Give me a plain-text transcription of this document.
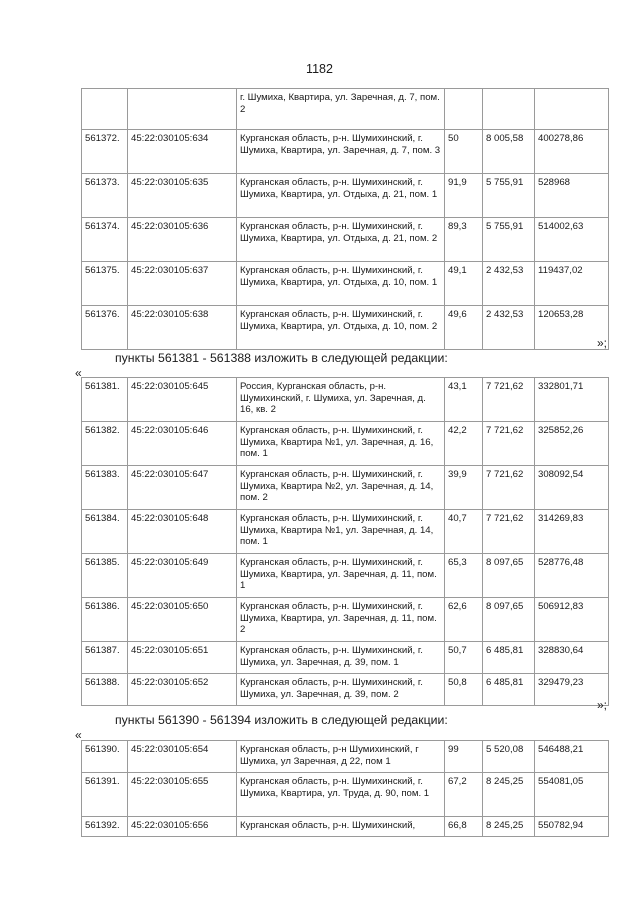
1182
		г. Шумиха, Квартира, ул. Заречная, д. 7, пом. 2			
561372.	45:22:030105:634	Курганская область, р-н. Шумихинский, г. Шумиха, Квартира, ул. Заречная, д. 7, пом. 3	50	8 005,58	400278,86
561373.	45:22:030105:635	Курганская область, р-н. Шумихинский, г. Шумиха, Квартира, ул. Отдыха, д. 21, пом. 1	91,9	5 755,91	528968
561374.	45:22:030105:636	Курганская область, р-н. Шумихинский, г. Шумиха, Квартира, ул. Отдыха, д. 21, пом. 2	89,3	5 755,91	514002,63
561375.	45:22:030105:637	Курганская область, р-н. Шумихинский, г. Шумиха, Квартира, ул. Отдыха, д. 10, пом. 1	49,1	2 432,53	119437,02
561376.	45:22:030105:638	Курганская область, р-н. Шумихинский, г. Шумиха, Квартира, ул. Отдыха, д. 10, пом. 2	49,6	2 432,53	120653,28
»;
пункты 561381 - 561388 изложить в следующей редакции:
«
561381.	45:22:030105:645	Россия, Курганская область, р-н. Шумихинский, г. Шумиха, ул. Заречная, д. 16, кв. 2	43,1	7 721,62	332801,71
561382.	45:22:030105:646	Курганская область, р-н. Шумихинский, г. Шумиха, Квартира №1, ул. Заречная, д. 16, пом. 1	42,2	7 721,62	325852,26
561383.	45:22:030105:647	Курганская область, р-н. Шумихинский, г. Шумиха, Квартира №2, ул. Заречная, д. 14, пом. 2	39,9	7 721,62	308092,54
561384.	45:22:030105:648	Курганская область, р-н. Шумихинский, г. Шумиха, Квартира №1, ул. Заречная, д. 14, пом. 1	40,7	7 721,62	314269,83
561385.	45:22:030105:649	Курганская область, р-н. Шумихинский, г. Шумиха, Квартира, ул. Заречная, д. 11, пом. 1	65,3	8 097,65	528776,48
561386.	45:22:030105:650	Курганская область, р-н. Шумихинский, г. Шумиха, Квартира, ул. Заречная, д. 11, пом. 2	62,6	8 097,65	506912,83
561387.	45:22:030105:651	Курганская область, р-н. Шумихинский, г. Шумиха, ул. Заречная, д. 39, пом. 1	50,7	6 485,81	328830,64
561388.	45:22:030105:652	Курганская область, р-н. Шумихинский, г. Шумиха, ул. Заречная, д. 39, пом. 2	50,8	6 485,81	329479,23
»;
пункты 561390 - 561394 изложить в следующей редакции:
«
561390.	45:22:030105:654	Курганская область, р-н Шумихинский, г Шумиха, ул Заречная, д 22, пом 1	99	5 520,08	546488,21
561391.	45:22:030105:655	Курганская область, р-н. Шумихинский, г. Шумиха, Квартира, ул. Труда, д. 90, пом. 1	67,2	8 245,25	554081,05
561392.	45:22:030105:656	Курганская область, р-н. Шумихинский,	66,8	8 245,25	550782,94
